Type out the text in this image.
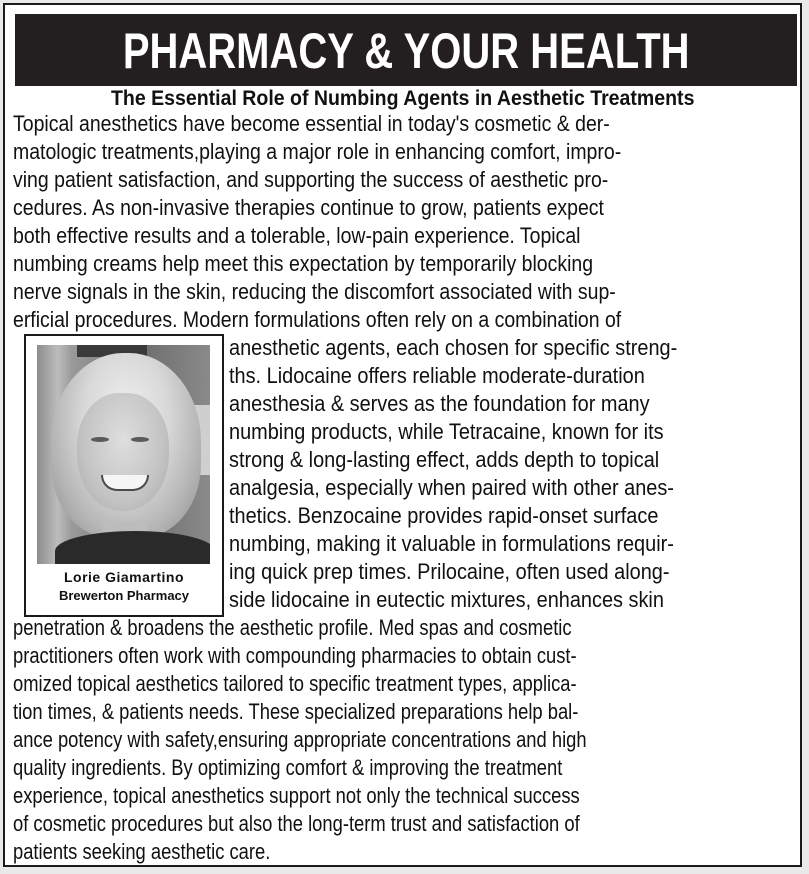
PHARMACY & YOUR HEALTH
The Essential Role of Numbing Agents in Aesthetic Treatments
Topical anesthetics have become essential in today's cosmetic & der-
matologic treatments,playing a major role in enhancing comfort, impro-
ving patient satisfaction, and supporting the success of aesthetic pro-
cedures. As non-invasive therapies continue to grow, patients expect
both effective results and a tolerable, low-pain experience. Topical
numbing creams help meet this expectation by temporarily blocking
nerve signals in the skin, reducing the discomfort associated with sup-
erficial procedures. Modern formulations often rely on a combination of
Lorie Giamartino
Brewerton Pharmacy
anesthetic agents, each chosen for specific streng-
ths. Lidocaine offers reliable moderate-duration
anesthesia & serves as the foundation for many
numbing products, while Tetracaine, known for its
strong & long-lasting effect, adds depth to topical
analgesia, especially when paired with other anes-
thetics. Benzocaine provides rapid-onset surface
numbing, making it valuable in formulations requir-
ing quick prep times. Prilocaine, often used along-
side lidocaine in eutectic mixtures, enhances skin
penetration & broadens the aesthetic profile. Med spas and cosmetic
practitioners often work with compounding pharmacies to obtain cust-
omized topical aesthetics tailored to specific treatment types, applica-
tion times, & patients needs. These specialized preparations help bal-
ance potency with safety,ensuring appropriate concentrations and high
quality ingredients. By optimizing comfort & improving the treatment
experience, topical anesthetics support not only the technical success
of cosmetic procedures but also the long-term trust and satisfaction of
patients seeking aesthetic care.
